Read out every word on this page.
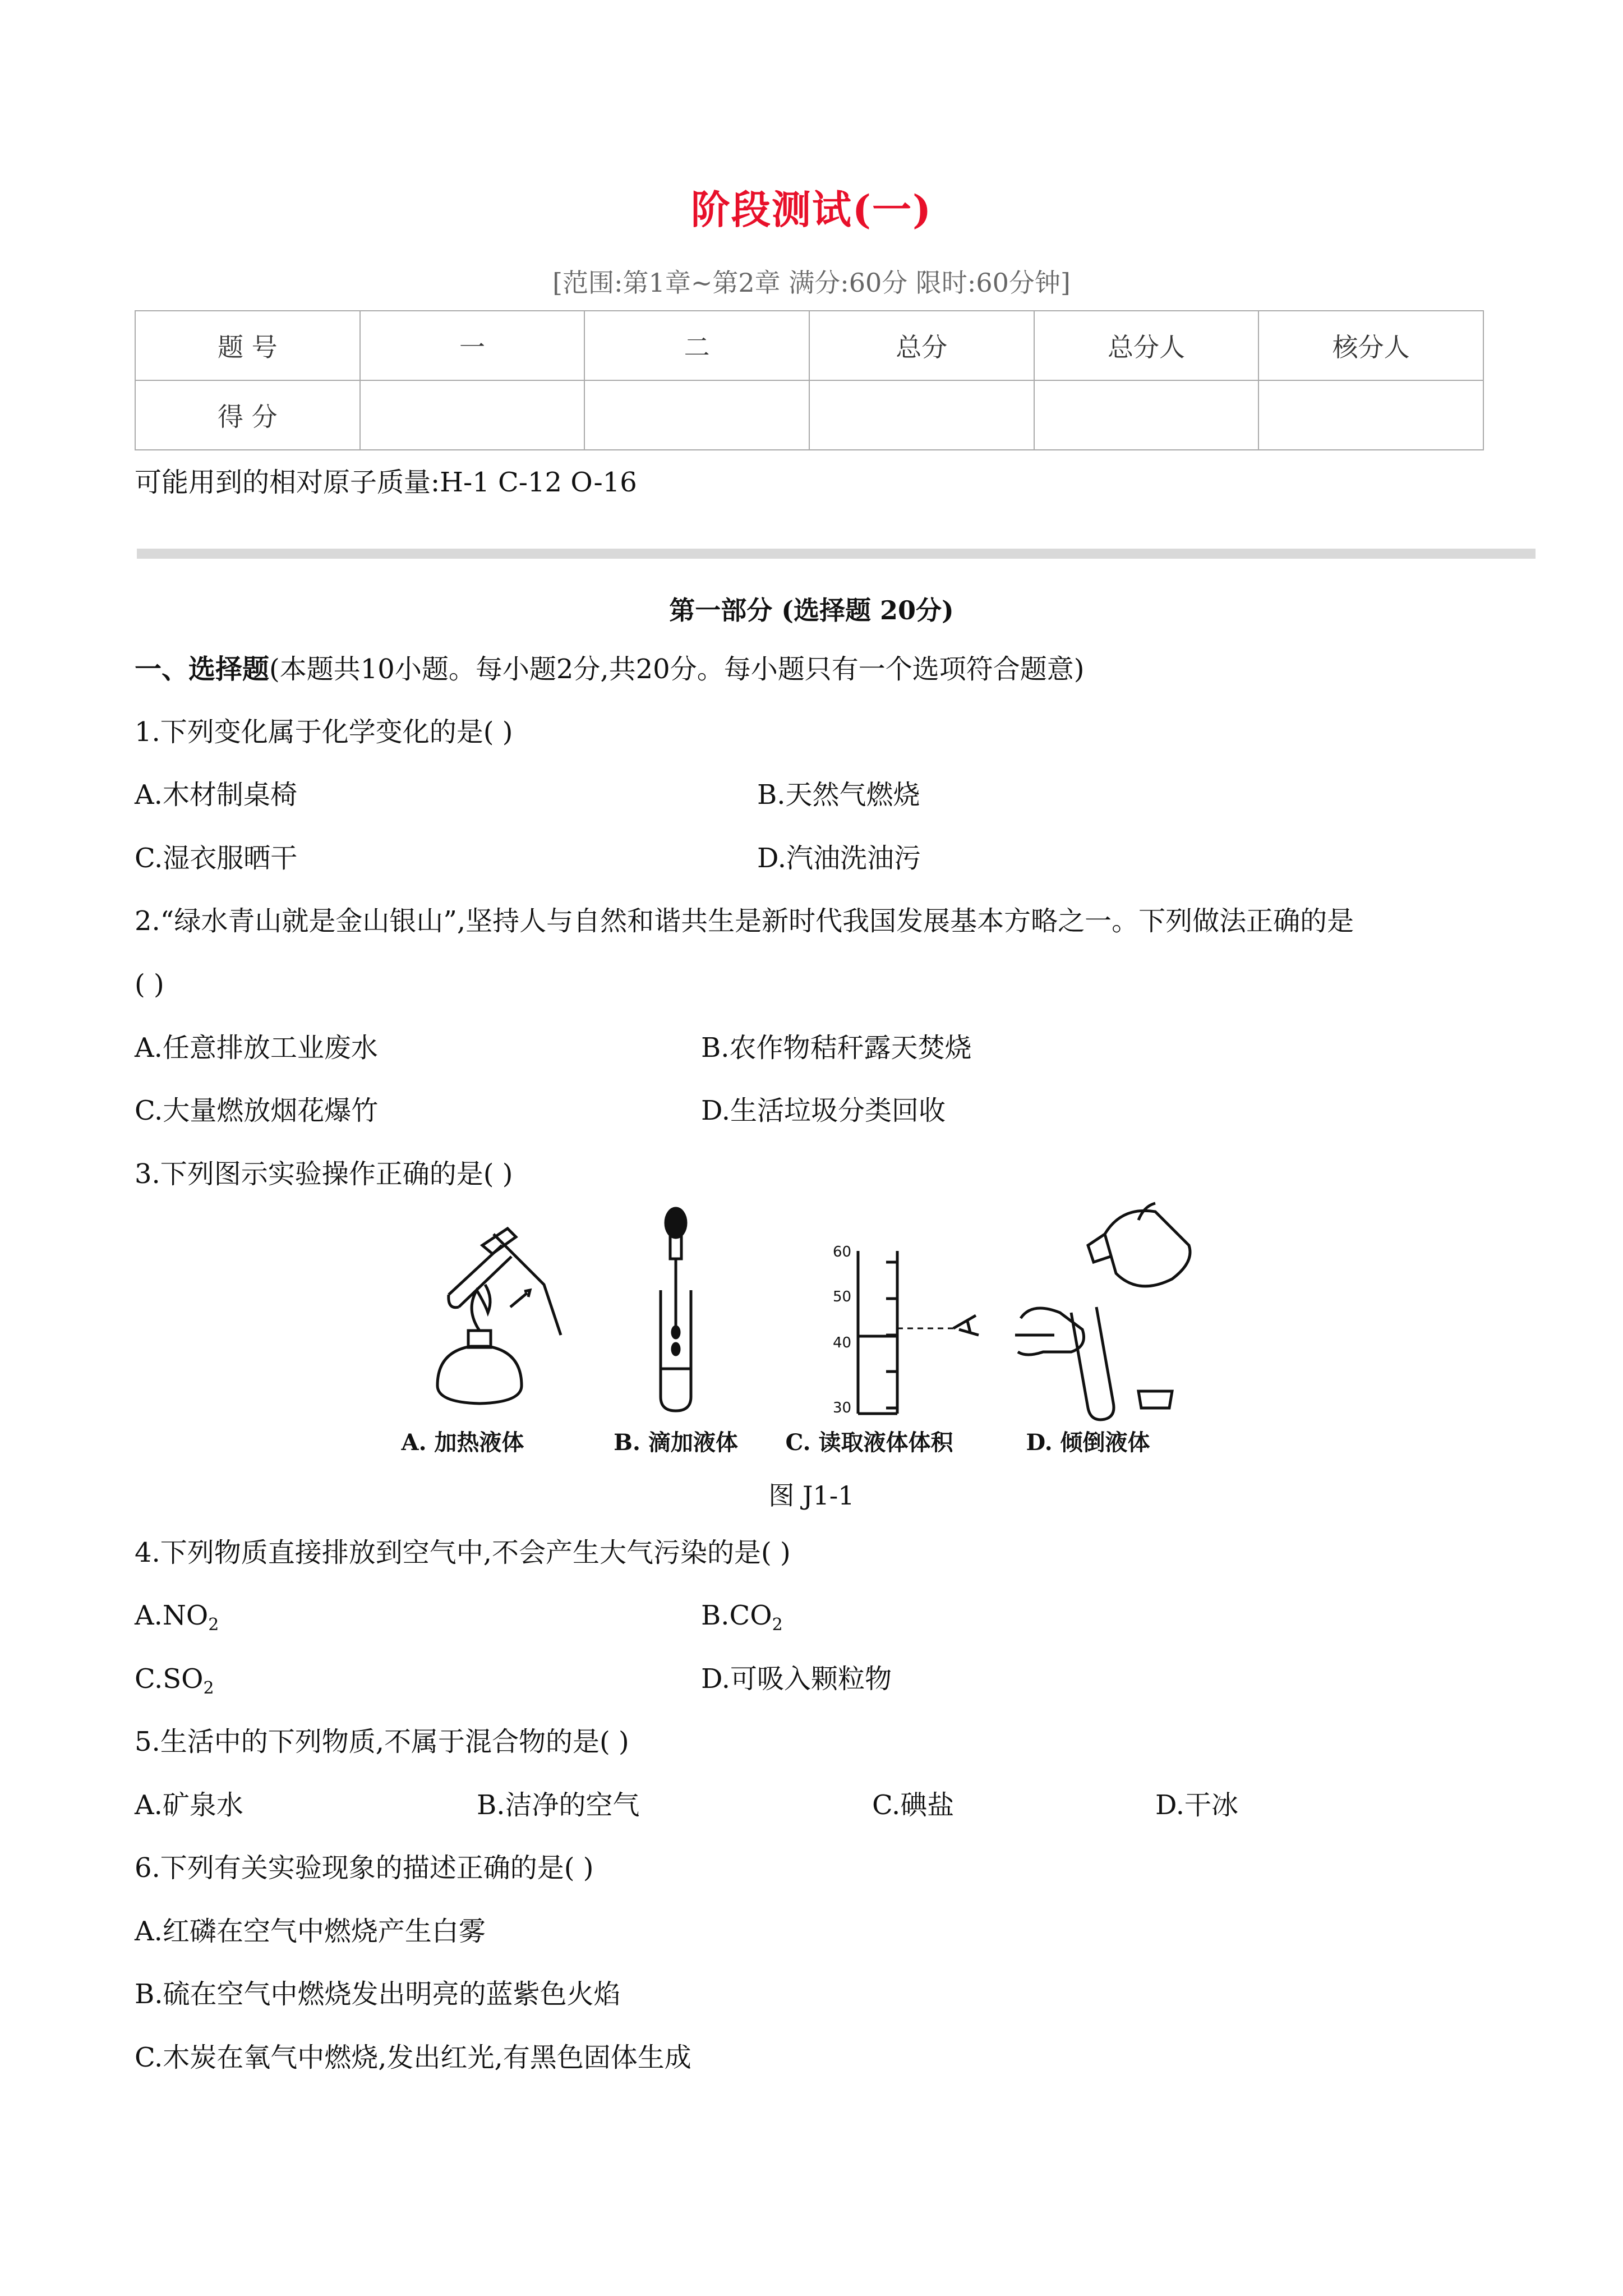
阶段测试(一)
[范围:第1章~第2章 满分:60分 限时:60分钟]
题 号	一	二	总分	总分人	核分人
得 分					
可能用到的相对原子质量:H-1 C-12 O-16
第一部分 (选择题 20分)
一、选择题(本题共10小题。每小题2分,共20分。每小题只有一个选项符合题意)
1.下列变化属于化学变化的是( )
A.木材制桌椅	B.天然气燃烧
C.湿衣服晒干	D.汽油洗油污
2.“绿水青山就是金山银山”,坚持人与自然和谐共生是新时代我国发展基本方略之一。下列做法正确的是
( )
A.任意排放工业废水	B.农作物秸秆露天焚烧
C.大量燃放烟花爆竹	D.生活垃圾分类回收
3.下列图示实验操作正确的是( )
60
50
40
30
A. 加热液体	B. 滴加液体	C. 读取液体体积	D. 倾倒液体
图 J1-1
4.下列物质直接排放到空气中,不会产生大气污染的是( )
$A.NO_2$	$B.CO_2$
$C.SO_2$	D.可吸入颗粒物
5.生活中的下列物质,不属于混合物的是( )
A.矿泉水	B.洁净的空气	C.碘盐	D.干冰
6.下列有关实验现象的描述正确的是( )
A.红磷在空气中燃烧产生白雾
B.硫在空气中燃烧发出明亮的蓝紫色火焰
C.木炭在氧气中燃烧,发出红光,有黑色固体生成
